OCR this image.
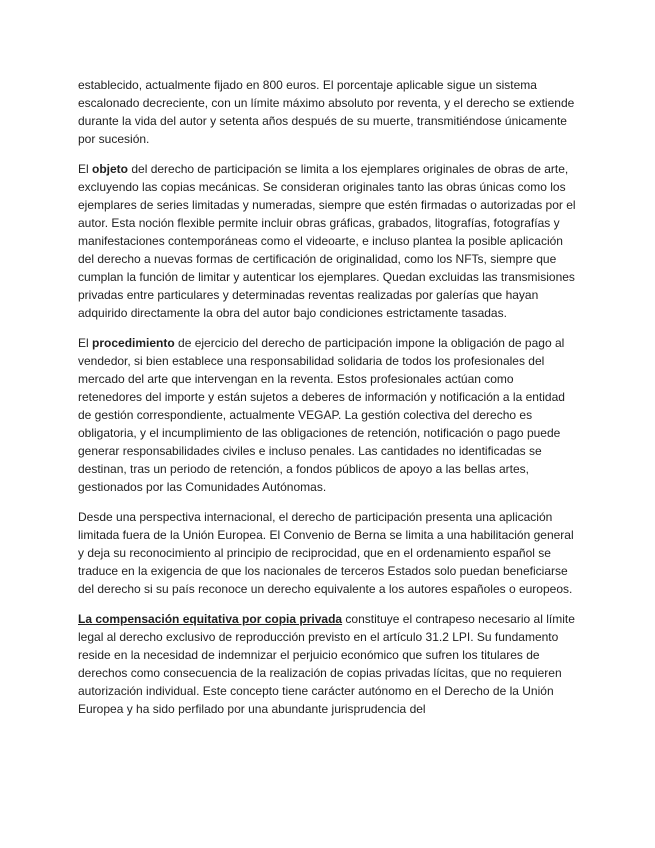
establecido, actualmente fijado en 800 euros. El porcentaje aplicable sigue un sistema escalonado decreciente, con un límite máximo absoluto por reventa, y el derecho se extiende durante la vida del autor y setenta años después de su muerte, transmitiéndose únicamente por sucesión.

El objeto del derecho de participación se limita a los ejemplares originales de obras de arte, excluyendo las copias mecánicas. Se consideran originales tanto las obras únicas como los ejemplares de series limitadas y numeradas, siempre que estén firmadas o autorizadas por el autor. Esta noción flexible permite incluir obras gráficas, grabados, litografías, fotografías y manifestaciones contemporáneas como el videoarte, e incluso plantea la posible aplicación del derecho a nuevas formas de certificación de originalidad, como los NFTs, siempre que cumplan la función de limitar y autenticar los ejemplares. Quedan excluidas las transmisiones privadas entre particulares y determinadas reventas realizadas por galerías que hayan adquirido directamente la obra del autor bajo condiciones estrictamente tasadas.

El procedimiento de ejercicio del derecho de participación impone la obligación de pago al vendedor, si bien establece una responsabilidad solidaria de todos los profesionales del mercado del arte que intervengan en la reventa. Estos profesionales actúan como retenedores del importe y están sujetos a deberes de información y notificación a la entidad de gestión correspondiente, actualmente VEGAP. La gestión colectiva del derecho es obligatoria, y el incumplimiento de las obligaciones de retención, notificación o pago puede generar responsabilidades civiles e incluso penales. Las cantidades no identificadas se destinan, tras un periodo de retención, a fondos públicos de apoyo a las bellas artes, gestionados por las Comunidades Autónomas.

Desde una perspectiva internacional, el derecho de participación presenta una aplicación limitada fuera de la Unión Europea. El Convenio de Berna se limita a una habilitación general y deja su reconocimiento al principio de reciprocidad, que en el ordenamiento español se traduce en la exigencia de que los nacionales de terceros Estados solo puedan beneficiarse del derecho si su país reconoce un derecho equivalente a los autores españoles o europeos.

La compensación equitativa por copia privada constituye el contrapeso necesario al límite legal al derecho exclusivo de reproducción previsto en el artículo 31.2 LPI. Su fundamento reside en la necesidad de indemnizar el perjuicio económico que sufren los titulares de derechos como consecuencia de la realización de copias privadas lícitas, que no requieren autorización individual. Este concepto tiene carácter autónomo en el Derecho de la Unión Europea y ha sido perfilado por una abundante jurisprudencia del
